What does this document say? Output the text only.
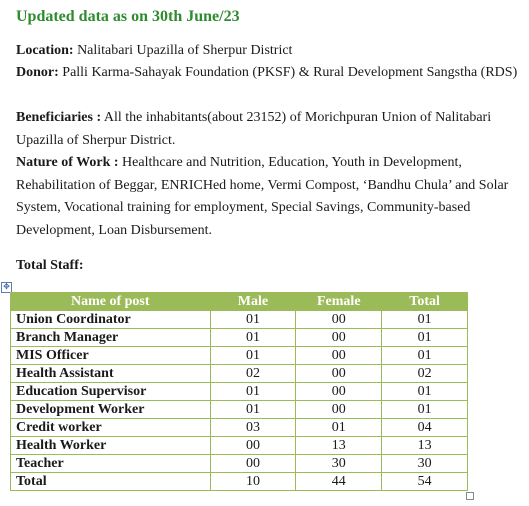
Updated data as on 30th June/23
Location: Nalitabari Upazilla of Sherpur District
Donor: Palli Karma-Sahayak Foundation (PKSF) & Rural Development Sangstha (RDS)
Beneficiaries : All the inhabitants(about 23152) of Morichpuran Union of Nalitabari Upazilla of Sherpur District.
Nature of Work : Healthcare and Nutrition, Education, Youth in Development, Rehabilitation of Beggar, ENRICHed home, Vermi Compost, ‘Bandhu Chula’ and Solar System, Vocational training for employment, Special Savings, Community-based Development, Loan Disbursement.
Total Staff:
✥
Name of post	Male	Female	Total
Union Coordinator	01	00	01
Branch Manager	01	00	01
MIS Officer	01	00	01
Health Assistant	02	00	02
Education Supervisor	01	00	01
Development Worker	01	00	01
Credit worker	03	01	04
Health Worker	00	13	13
Teacher	00	30	30
Total	10	44	54
